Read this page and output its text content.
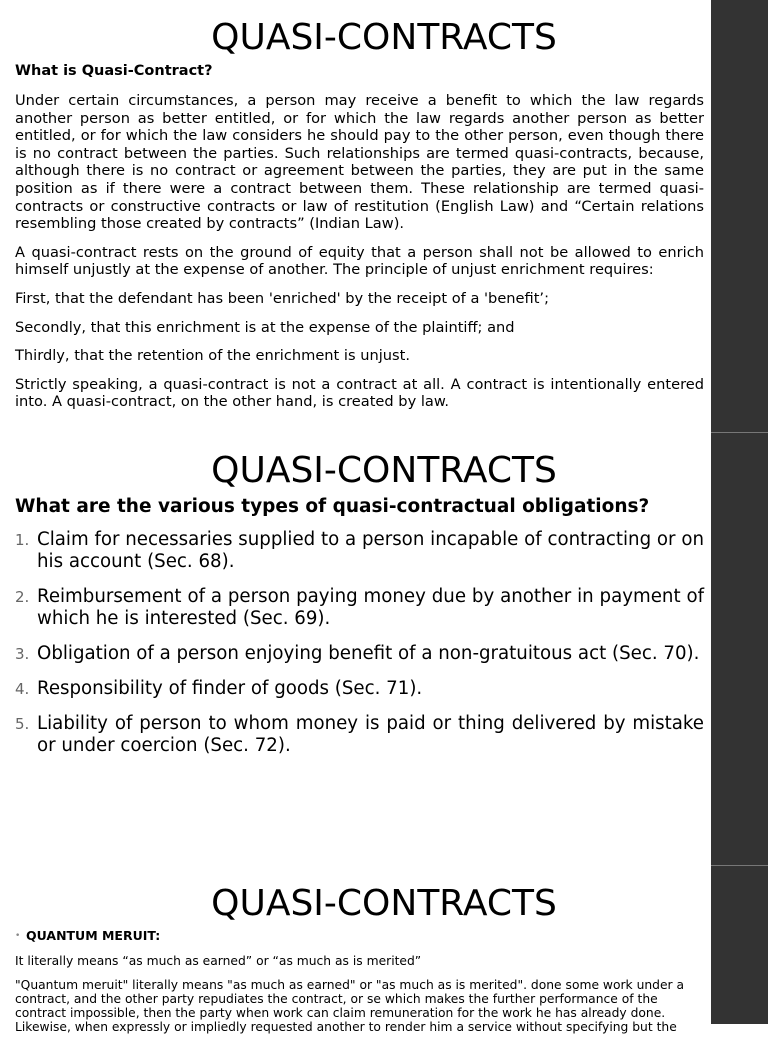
QUASI-CONTRACTS
What is Quasi-Contract?

Under certain circumstances, a person may receive a benefit to which the law regards another person as better entitled, or for which the law regards another person as better entitled, or for which the law considers he should pay to the other person, even though there is no contract between the parties. Such relationships are termed quasi-contracts, because, although there is no contract or agreement between the parties, they are put in the same position as if there were a contract between them. These relationship are termed quasi-contracts or constructive contracts or law of restitution (English Law) and “Certain relations resembling those created by contracts” (Indian Law).

A quasi-contract rests on the ground of equity that a person shall not be allowed to enrich himself unjustly at the expense of another. The principle of unjust enrichment requires:

First, that the defendant has been 'enriched' by the receipt of a 'benefit’;

Secondly, that this enrichment is at the expense of the plaintiff; and

Thirdly, that the retention of the enrichment is unjust.

Strictly speaking, a quasi-contract is not a contract at all. A contract is intentionally entered into. A quasi-contract, on the other hand, is created by law.

QUASI-CONTRACTS
What are the various types of quasi-contractual obligations?
1. Claim for necessaries supplied to a person incapable of contracting or on his account (Sec. 68).
2. Reimbursement of a person paying money due by another in payment of which he is interested (Sec. 69).
3. Obligation of a person enjoying benefit of a non-gratuitous act (Sec. 70).
4. Responsibility of finder of goods (Sec. 71).
5. Liability of person to whom money is paid or thing delivered by mistake or under coercion (Sec. 72).
QUASI-CONTRACTS
• QUANTUM MERUIT:

It literally means “as much as earned” or “as much as is merited”

"Quantum meruit" literally means "as much as earned" or "as much as is merited". done some work under a contract, and the other party repudiates the contract, or se which makes the further performance of the contract impossible, then the party when work can claim remuneration for the work he has already done. Likewise, when expressly or impliedly requested another to render him a service without specifying but the
